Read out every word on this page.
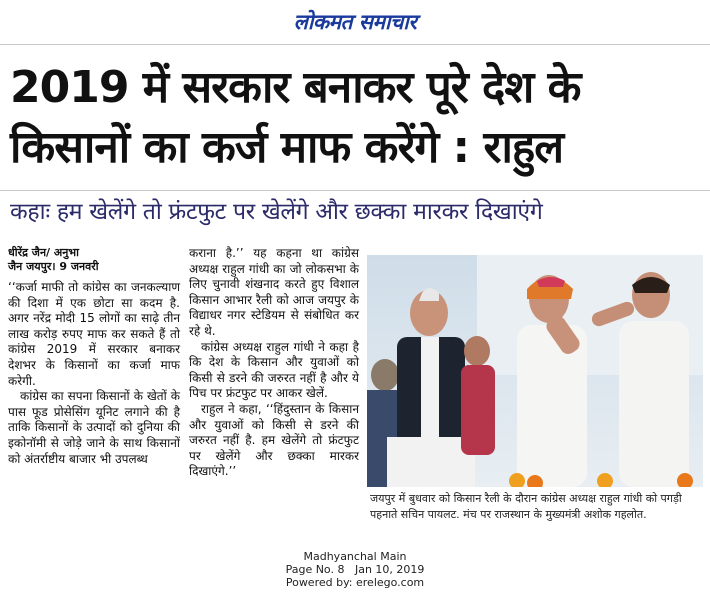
लोकमत समाचार
2019 में सरकार बनाकर पूरे देश के
किसानों का कर्ज माफ करेंगे : राहुल
कहाः हम खेलेंगे तो फ्रंटफुट पर खेलेंगे और छक्का मारकर दिखाएंगे
धीरेंद्र जैन/ अनुभा
जैन जयपुर। 9 जनवरी

‘‘कर्जा माफी तो कांग्रेस का जनकल्याण की दिशा में एक छोटा सा कदम है. अगर नरेंद्र मोदी 15 लोगों का साढ़े तीन लाख करोड़ रुपए माफ कर सकते हैं तो कांग्रेस 2019 में सरकार बनाकर देशभर के किसानों का कर्जा माफ करेगी.

कांग्रेस का सपना किसानों के खेतों के पास फूड प्रोसेसिंग यूनिट लगाने की है ताकि किसानों के उत्पादों को दुनिया की इकोनॉमी से जोड़े जाने के साथ किसानों को अंतर्राष्टीय बाजार भी उपलब्ध

कराना है.’’ यह कहना था कांग्रेस अध्यक्ष राहुल गांधी का जो लोकसभा के लिए चुनावी शंखनाद करते हुए विशाल किसान आभार रैली को आज जयपुर के विद्याधर नगर स्टेडियम से संबोधित कर रहे थे.

कांग्रेस अध्यक्ष राहुल गांधी ने कहा है कि देश के किसान और युवाओं को किसी से डरने की जरुरत नहीं है और ये पिच पर फ्रंटफुट पर आकर खेलें.

राहुल ने कहा, ‘‘हिंदुस्तान के किसान और युवाओं को किसी से डरने की जरुरत नहीं है. हम खेलेंगे तो फ्रंटफुट पर खेलेंगे और छक्का मारकर दिखाएंगे.’’

जयपुर में बुधवार को किसान रैली के दौरान कांग्रेस अध्यक्ष राहुल गांधी को पगड़ी पहनाते सचिन पायलट. मंच पर राजस्थान के मुख्यमंत्री अशोक गहलोत.
Madhyanchal Main
Page No. 8 Jan 10, 2019
Powered by: erelego.com
